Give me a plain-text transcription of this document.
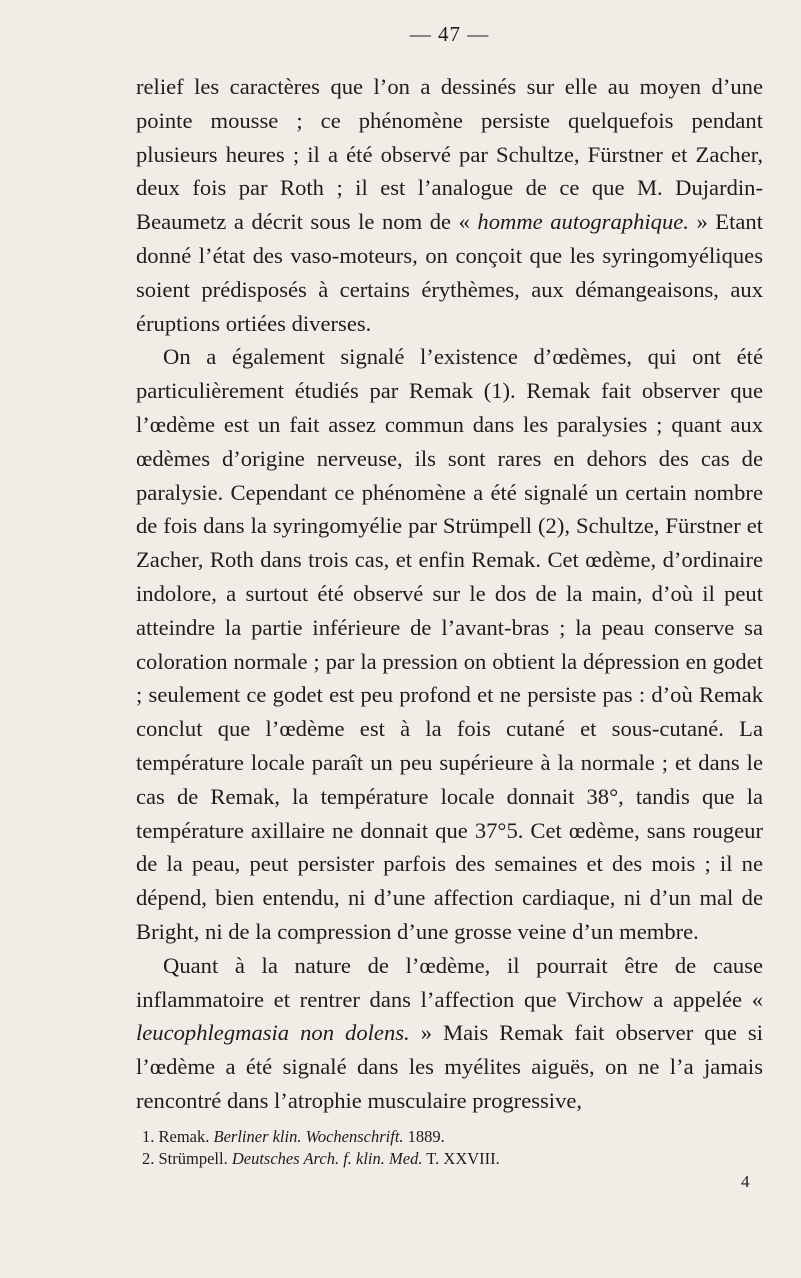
— 47 —

relief les caractères que l’on a dessinés sur elle au moyen d’une pointe mousse ; ce phénomène persiste quelquefois pendant plusieurs heures ; il a été observé par Schultze, Fürstner et Zacher, deux fois par Roth ; il est l’analogue de ce que M. Dujardin-Beaumetz a décrit sous le nom de « homme autographique. » Etant donné l’état des vaso-moteurs, on conçoit que les syringomyéliques soient prédisposés à certains érythèmes, aux démangeaisons, aux éruptions ortiées diverses.

On a également signalé l’existence d’œdèmes, qui ont été particulièrement étudiés par Remak (1). Remak fait observer que l’œdème est un fait assez commun dans les paralysies ; quant aux œdèmes d’origine nerveuse, ils sont rares en dehors des cas de paralysie. Cependant ce phénomène a été signalé un certain nombre de fois dans la syringomyélie par Strümpell (2), Schultze, Fürstner et Zacher, Roth dans trois cas, et enfin Remak. Cet œdème, d’ordinaire indolore, a surtout été observé sur le dos de la main, d’où il peut atteindre la partie inférieure de l’avant-bras ; la peau conserve sa coloration normale ; par la pression on obtient la dépression en godet ; seulement ce godet est peu profond et ne persiste pas : d’où Remak conclut que l’œdème est à la fois cutané et sous-cutané. La température locale paraît un peu supérieure à la normale ; et dans le cas de Remak, la température locale donnait 38°, tandis que la température axillaire ne donnait que 37°5. Cet œdème, sans rougeur de la peau, peut persister parfois des semaines et des mois ; il ne dépend, bien entendu, ni d’une affection cardiaque, ni d’un mal de Bright, ni de la compression d’une grosse veine d’un membre.

Quant à la nature de l’œdème, il pourrait être de cause inflammatoire et rentrer dans l’affection que Virchow a appelée « leucophlegmasia non dolens. » Mais Remak fait observer que si l’œdème a été signalé dans les myélites aiguës, on ne l’a jamais rencontré dans l’atrophie musculaire progressive,

1. Remak. Berliner klin. Wochenschrift. 1889.

2. Strümpell. Deutsches Arch. f. klin. Med. T. XXVIII.

4
